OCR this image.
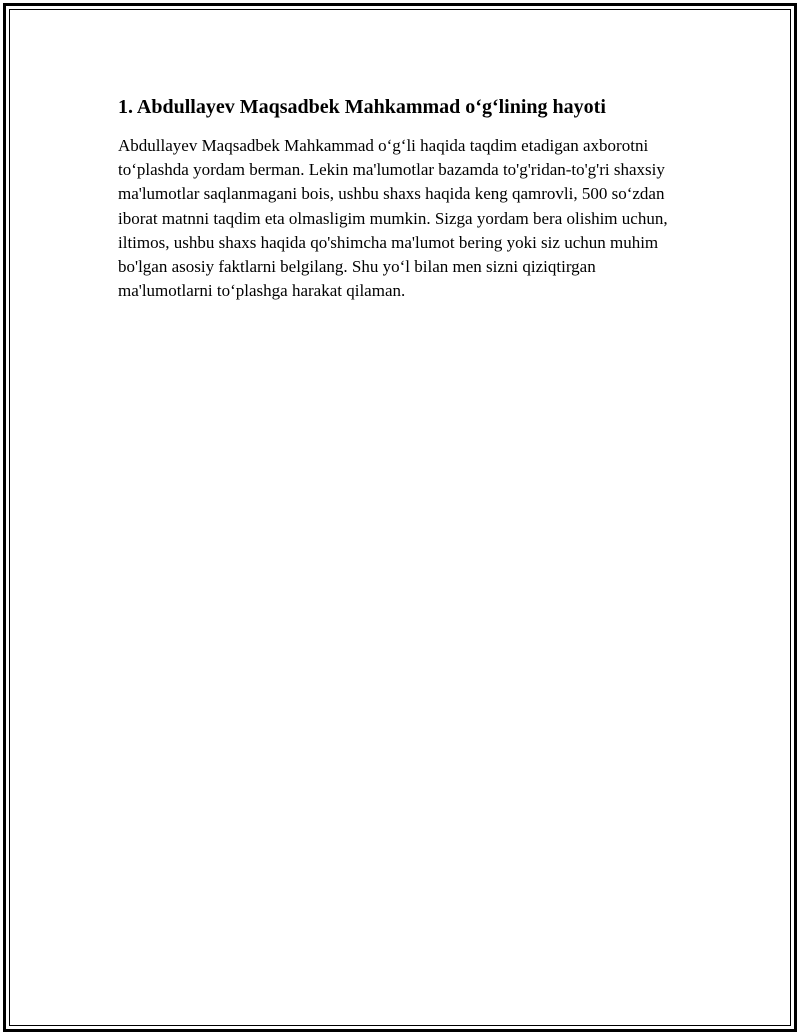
1. Abdullayev Maqsadbek Mahkammad o‘g‘lining hayoti

Abdullayev Maqsadbek Mahkammad o‘g‘li haqida taqdim etadigan axborotni to‘plashda yordam berman. Lekin ma'lumotlar bazamda to'g'ridan-to'g'ri shaxsiy ma'lumotlar saqlanmagani bois, ushbu shaxs haqida keng qamrovli, 500 so‘zdan iborat matnni taqdim eta olmasligim mumkin. Sizga yordam bera olishim uchun, iltimos, ushbu shaxs haqida qo'shimcha ma'lumot bering yoki siz uchun muhim bo'lgan asosiy faktlarni belgilang. Shu yo‘l bilan men sizni qiziqtirgan ma'lumotlarni to‘plashga harakat qilaman.
